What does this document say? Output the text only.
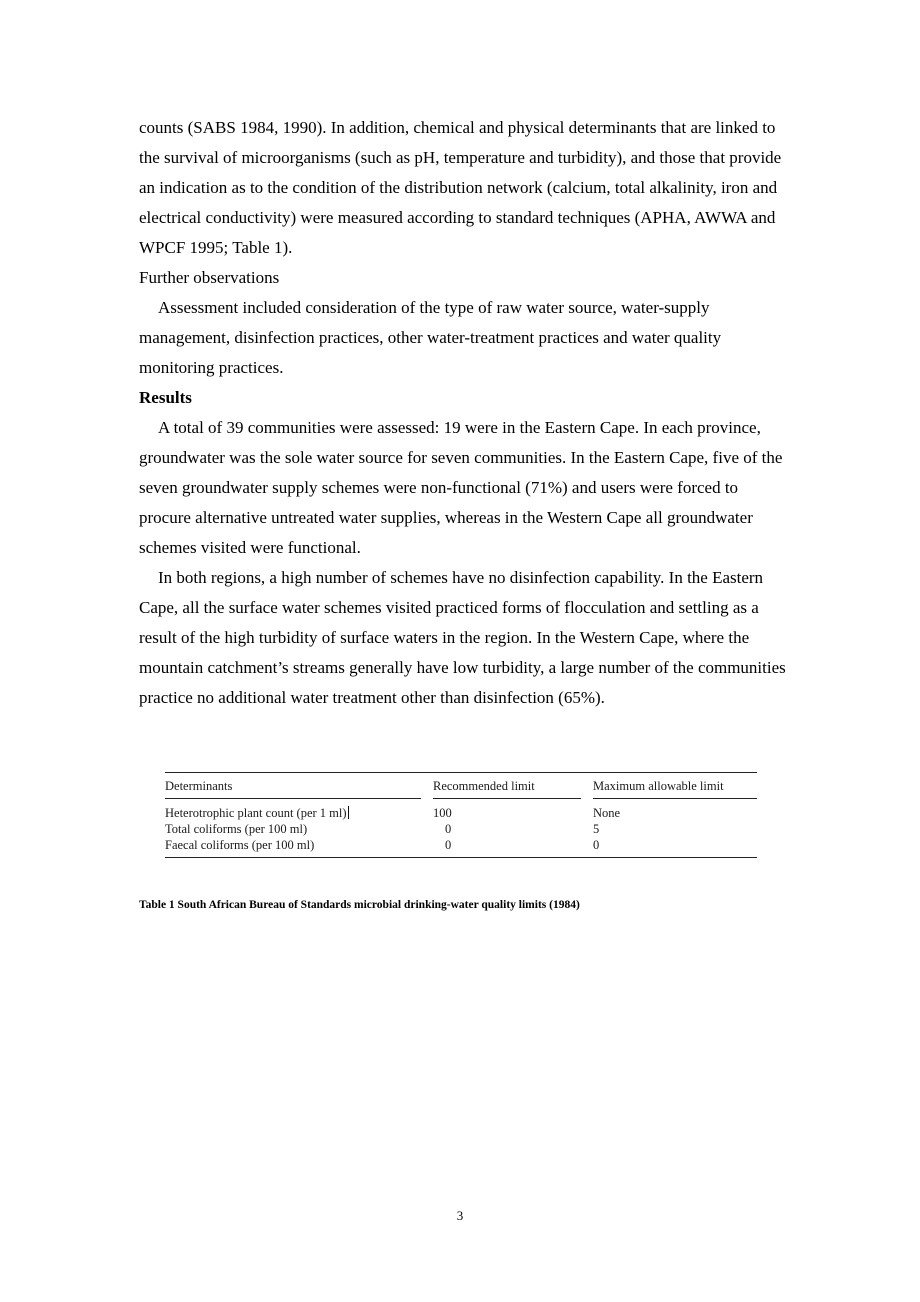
counts (SABS 1984, 1990). In addition, chemical and physical determinants that are linked to the survival of microorganisms (such as pH, temperature and turbidity), and those that provide an indication as to the condition of the distribution network (calcium, total alkalinity, iron and electrical conductivity) were measured according to standard techniques (APHA, AWWA and WPCF 1995; Table 1).

Further observations

Assessment included consideration of the type of raw water source, water-supply management, disinfection practices, other water-treatment practices and water quality monitoring practices.

Results

A total of 39 communities were assessed: 19 were in the Eastern Cape. In each province, groundwater was the sole water source for seven communities. In the Eastern Cape, five of the seven groundwater supply schemes were non-functional (71%) and users were forced to procure alternative untreated water supplies, whereas in the Western Cape all groundwater schemes visited were functional.

In both regions, a high number of schemes have no disinfection capability. In the Eastern Cape, all the surface water schemes visited practiced forms of flocculation and settling as a result of the high turbidity of surface waters in the region. In the Western Cape, where the mountain catchment’s streams generally have low turbidity, a large number of the communities practice no additional water treatment other than disinfection (65%).

Determinants		Recommended limit		Maximum allowable limit

Heterotrophic plant count (per 1 ml)		100		None
Total coliforms (per 100 ml)		0		5
Faecal coliforms (per 100 ml)		0		0
Table 1 South African Bureau of Standards microbial drinking-water quality limits (1984)
3
